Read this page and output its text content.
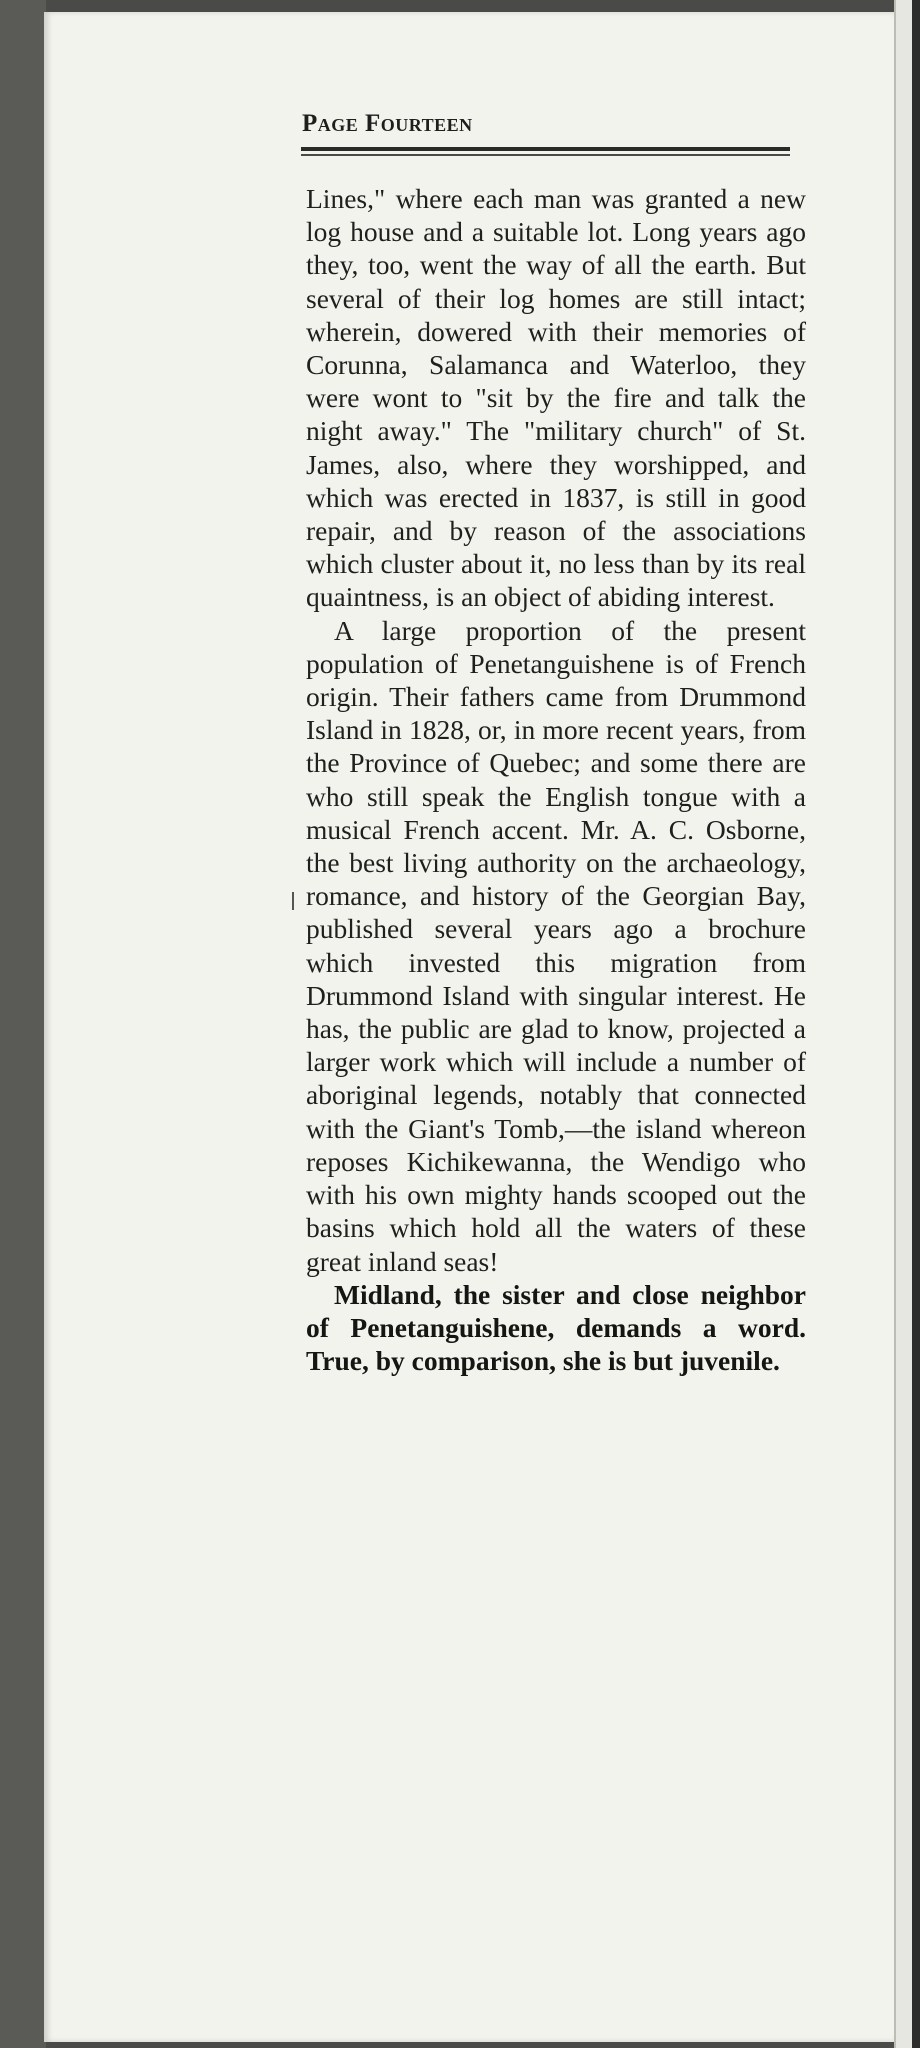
Page Fourteen

Lines," where each man was granted a new log house and a suitable lot. Long years ago they, too, went the way of all the earth. But several of their log homes are still intact; wherein, dowered with their memories of Corunna, Salamanca and Waterloo, they were wont to "sit by the fire and talk the night away." The "military church" of St. James, also, where they worshipped, and which was erected in 1837, is still in good repair, and by reason of the associations which cluster about it, no less than by its real quaintness, is an object of abiding interest.

A large proportion of the present population of Penetanguishene is of French origin. Their fathers came from Drummond Island in 1828, or, in more recent years, from the Province of Quebec; and some there are who still speak the English tongue with a musical French accent. Mr. A. C. Osborne, the best living authority on the archaeology, romance, and history of the Georgian Bay, published several years ago a brochure which invested this migration from Drummond Island with singular interest. He has, the public are glad to know, projected a larger work which will include a number of aboriginal legends, notably that connected with the Giant's Tomb,—the island whereon reposes Kichikewanna, the Wendigo who with his own mighty hands scooped out the basins which hold all the waters of these great inland seas!

Midland, the sister and close neighbor of Penetanguishene, demands a word. True, by comparison, she is but juvenile.
